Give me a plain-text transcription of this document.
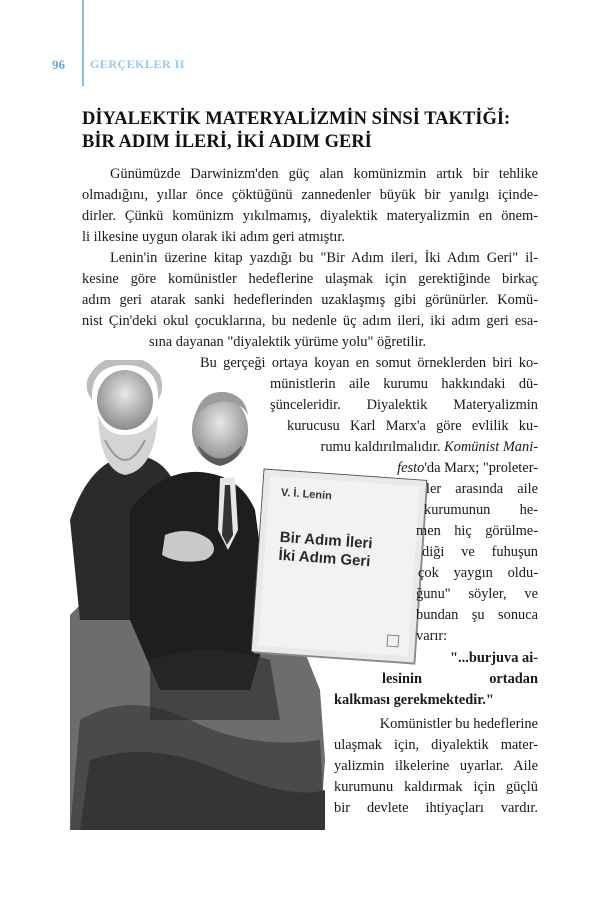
96 GERÇEKLER II
DİYALEKTİK MATERYALİZMİN SİNSİ TAKTİĞİ:
BİR ADIM İLERİ, İKİ ADIM GERİ
V. İ. Lenin
Bir Adım İleri
İki Adım Geri
Günümüzde Darwinizm'den güç alan komünizmin artık bir tehlike
olmadığını, yıllar önce çöktüğünü zannedenler büyük bir yanılgı içinde-
dirler. Çünkü komünizm yıkılmamış, diyalektik materyalizmin en önem-
li ilkesine uygun olarak iki adım geri atmıştır.
Lenin'in üzerine kitap yazdığı bu "Bir Adım ileri, İki Adım Geri" il-
kesine göre komünistler hedeflerine ulaşmak için gerektiğinde birkaç
adım geri atarak sanki hedeflerinden uzaklaşmış gibi görünürler. Komü-
nist Çin'deki okul çocuklarına, bu nedenle üç adım ileri, iki adım geri esa-
sına dayanan "diyalektik yürüme yolu" öğretilir.
Bu gerçeği ortaya koyan en somut örneklerden biri ko-
münistlerin aile kurumu hakkındaki dü-
şünceleridir. Diyalektik Materyalizmin
kurucusu Karl Marx'a göre evlilik ku-
rumu kaldırılmalıdır. Komünist Mani-
festo'da Marx; "proleter-
ler arasında aile
kurumunun he-
men hiç görülme-
diği ve fuhuşun
çok yaygın oldu-
ğunu" söyler, ve
bundan şu sonuca
varır:
"...burjuva ai-
lesinin	ortadan
kalkması gerekmektedir."
Komünistler bu hedeflerine
ulaşmak için, diyalektik mater-
yalizmin ilkelerine uyarlar. Aile
kurumunu kaldırmak için güçlü
bir devlete ihtiyaçları vardır.
